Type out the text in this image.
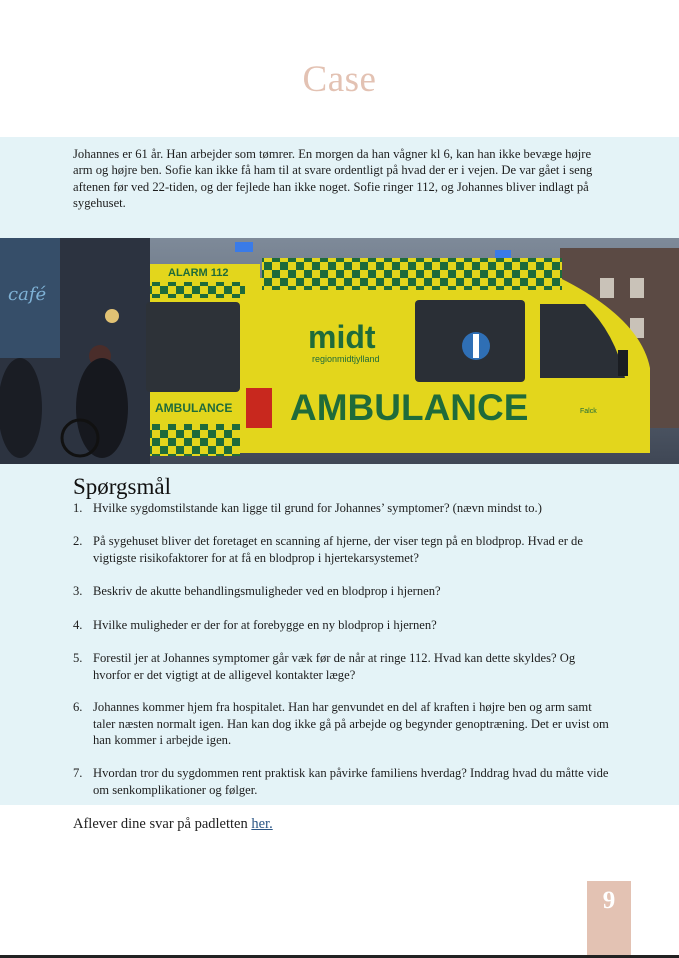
Case
Johannes er 61 år. Han arbejder som tømrer. En morgen da han vågner kl 6, kan han ikke bevæge højre arm og højre ben. Sofie kan ikke få ham til at svare ordentligt på hvad der er i vejen. De var gået i seng aftenen før ved 22-tiden, og der fejlede han ikke noget. Sofie ringer 112, og Johannes bliver indlagt på sygehuset.
café
ALARM 112
midt
regionmidtjylland
AMBULANCE
AMBULANCE	Falck
Spørgsmål
1. Hvilke sygdomstilstande kan ligge til grund for Johannes’ symptomer? (nævn mindst to.)
2. På sygehuset bliver det foretaget en scanning af hjerne, der viser tegn på en blodprop. Hvad er de vigtigste risikofaktorer for at få en blodprop i hjertekarsystemet?
3. Beskriv de akutte behandlingsmuligheder ved en blodprop i hjernen?
4. Hvilke muligheder er der for at forebygge en ny blodprop i hjernen?
5. Forestil jer at Johannes symptomer går væk før de når at ringe 112. Hvad kan dette skyldes? Og hvorfor er det vigtigt at de alligevel kontakter læge?
6. Johannes kommer hjem fra hospitalet. Han har genvundet en del af kraften i højre ben og arm samt taler næsten normalt igen. Han kan dog ikke gå på arbejde og begynder genoptræning. Det er uvist om han kommer i arbejde igen.
7. Hvordan tror du sygdommen rent praktisk kan påvirke familiens hverdag? Inddrag hvad du måtte vide om senkomplikationer og følger.
Aflever dine svar på padletten her.
9
